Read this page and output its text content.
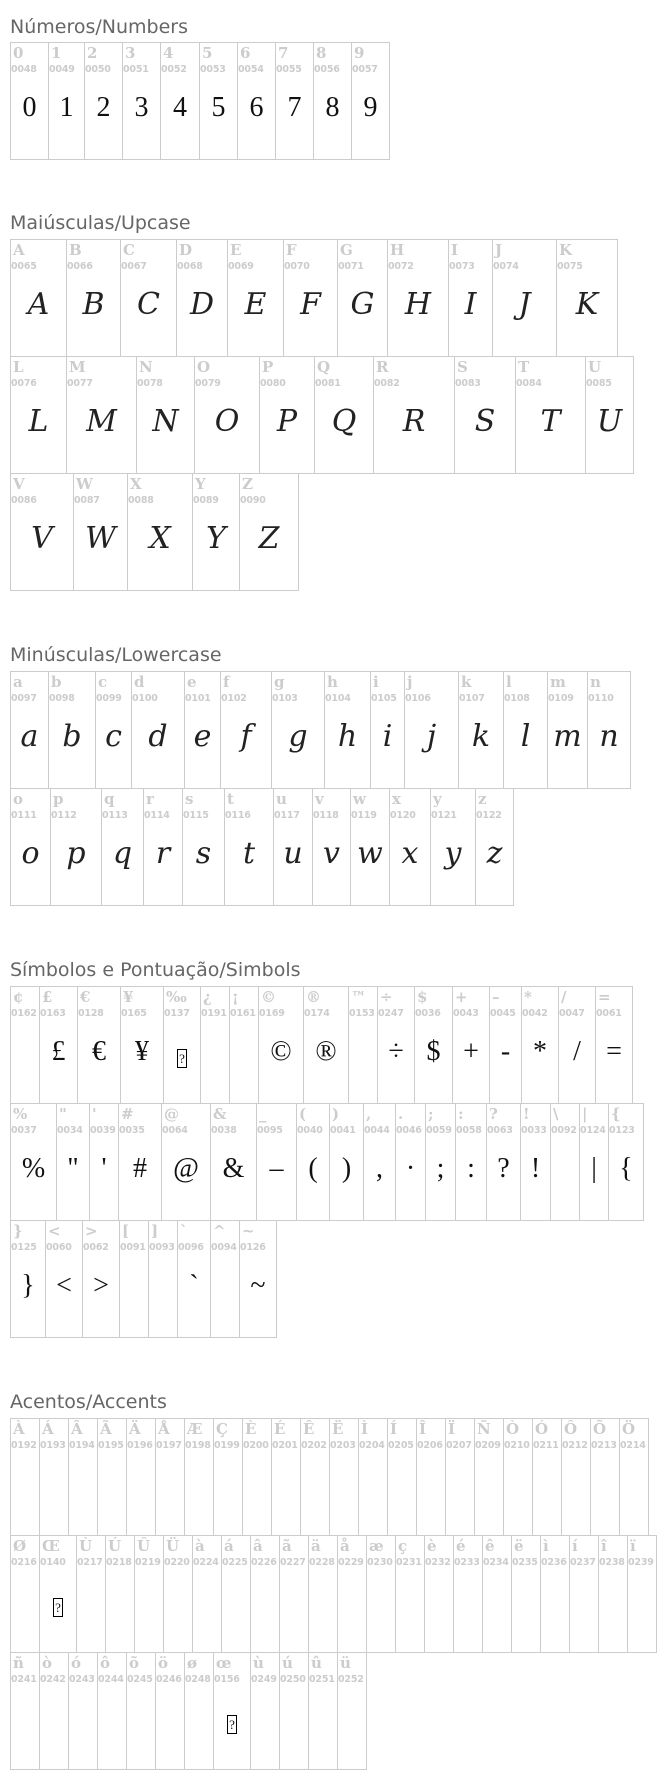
Números/Numbers
0
0048
0
1
0049
1
2
0050
2
3
0051
3
4
0052
4
5
0053
5
6
0054
6
7
0055
7
8
0056
8
9
0057
9
Maiúsculas/Upcase
A
0065
A
B
0066
B
C
0067
C
D
0068
D
E
0069
E
F
0070
F
G
0071
G
H
0072
H
I
0073
I
J
0074
J
K
0075
K
L
0076
L
M
0077
M
N
0078
N
O
0079
O
P
0080
P
Q
0081
Q
R
0082
R
S
0083
S
T
0084
T
U
0085
U
V
0086
V
W
0087
W
X
0088
X
Y
0089
Y
Z
0090
Z
Minúsculas/Lowercase
a
0097
a
b
0098
b
c
0099
c
d
0100
d
e
0101
e
f
0102
f
g
0103
g
h
0104
h
i
0105
i
j
0106
j
k
0107
k
l
0108
l
m
0109
m
n
0110
n
o
0111
o
p
0112
p
q
0113
q
r
0114
r
s
0115
s
t
0116
t
u
0117
u
v
0118
v
w
0119
w
x
0120
x
y
0121
y
z
0122
z
Símbolos e Pontuação/Simbols
¢
0162
£
0163
£
€
0128
€
¥
0165
¥
‰
0137
?
¿
0191
¡
0161
©
0169
©
®
0174
®
™
0153
÷
0247
÷
$
0036
$
+
0043
+
–
0045
-
*
0042
*
/
0047
/
=
0061
=
%
0037
%
"
0034
"
'
0039
'
#
0035
#
@
0064
@
&
0038
&
_
0095
–
(
0040
(
)
0041
)
,
0044
,
.
0046
·
;
0059
;
:
0058
:
?
0063
?
!
0033
!
\
0092
|
0124
|
{
0123
{
}
0125
}
<
0060
<
>
0062
>
[
0091
]
0093
`
0096
`
^
0094
~
0126
~
Acentos/Accents
À
0192
Á
0193
Â
0194
Ã
0195
Ä
0196
Å
0197
Æ
0198
Ç
0199
È
0200
É
0201
Ê
0202
Ë
0203
Ì
0204
Í
0205
Î
0206
Ï
0207
Ñ
0209
Ò
0210
Ó
0211
Ô
0212
Õ
0213
Ö
0214
Ø
0216
Œ
0140
?
Ù
0217
Ú
0218
Û
0219
Ü
0220
à
0224
á
0225
â
0226
ã
0227
ä
0228
å
0229
æ
0230
ç
0231
è
0232
é
0233
ê
0234
ë
0235
ì
0236
í
0237
î
0238
ï
0239
ñ
0241
ò
0242
ó
0243
ô
0244
õ
0245
ö
0246
ø
0248
œ
0156
?
ù
0249
ú
0250
û
0251
ü
0252
